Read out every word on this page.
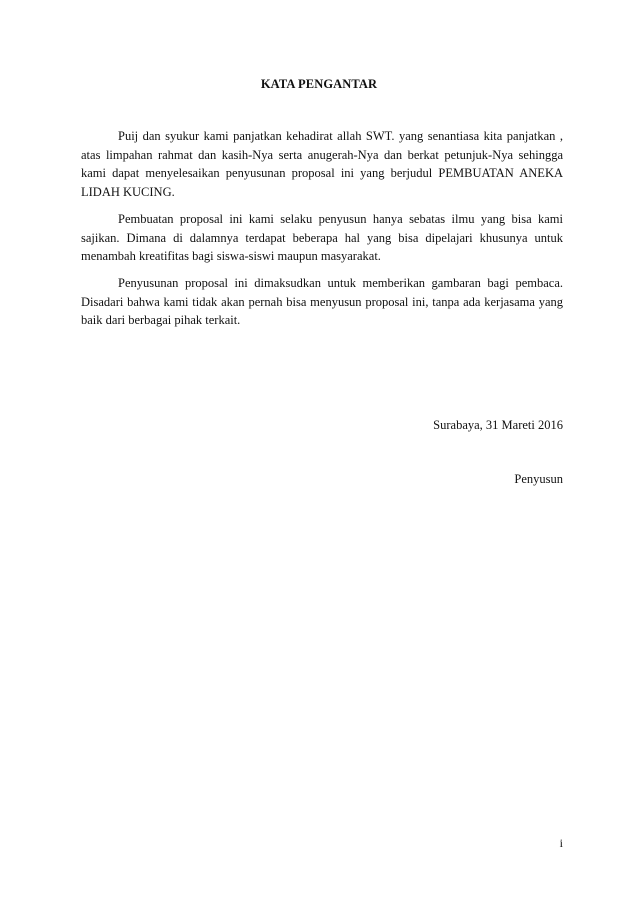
KATA PENGANTAR

Puij dan syukur kami panjatkan kehadirat allah SWT. yang senantiasa kita panjatkan , atas limpahan rahmat dan kasih-Nya serta anugerah-Nya dan berkat petunjuk-Nya sehingga kami dapat menyelesaikan penyusunan proposal ini yang berjudul PEMBUATAN ANEKA LIDAH KUCING.

Pembuatan proposal ini kami selaku penyusun hanya sebatas ilmu yang bisa kami sajikan. Dimana di dalamnya terdapat beberapa hal yang bisa dipelajari khusunya untuk menambah kreatifitas bagi siswa-siswi maupun masyarakat.

Penyusunan proposal ini dimaksudkan untuk memberikan gambaran bagi pembaca. Disadari bahwa kami tidak akan pernah bisa menyusun proposal ini, tanpa ada kerjasama yang baik dari berbagai pihak terkait.

Surabaya, 31 Mareti 2016
Penyusun
i
